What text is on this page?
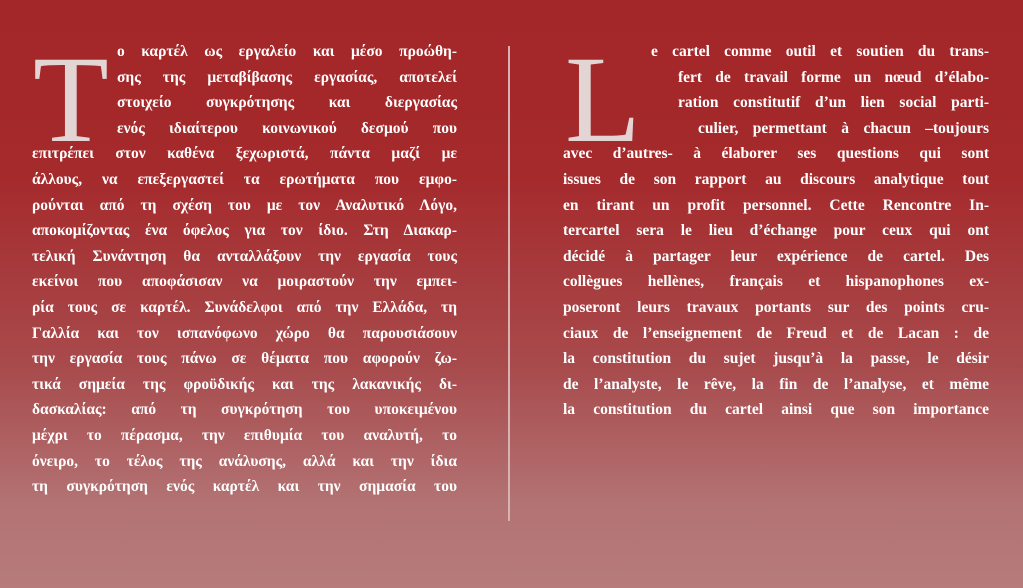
T ο καρτέλ ως εργαλείο και μέσο προώθη-
σης της μεταβίβασης εργασίας, αποτελεί
στοιχείο συγκρότησης και διεργασίας
ενός ιδιαίτερου κοινωνικού δεσμού που
επιτρέπει στον καθένα ξεχωριστά, πάντα μαζί με
άλλους, να επεξεργαστεί τα ερωτήματα που εμφο-
ρούνται από τη σχέση του με τον Αναλυτικό Λόγο,
αποκομίζοντας ένα όφελος για τον ίδιο. Στη Διακαρ-
τελική Συνάντηση θα ανταλλάξουν την εργασία τους
εκείνοι που αποφάσισαν να μοιραστούν την εμπει-
ρία τους σε καρτέλ. Συνάδελφοι από την Ελλάδα, τη
Γαλλία και τον ισπανόφωνο χώρο θα παρουσιάσουν
την εργασία τους πάνω σε θέματα που αφορούν ζω-
τικά σημεία της φροϋδικής και της λακανικής δι-
δασκαλίας: από τη συγκρότηση του υποκειμένου
μέχρι το πέρασμα, την επιθυμία του αναλυτή, το
όνειρο, το τέλος της ανάλυσης, αλλά και την ίδια
τη συγκρότηση ενός καρτέλ και την σημασία του
L e cartel comme outil et soutien du trans-
fert de travail forme un nœud d’élabo-
ration constitutif d’un lien social parti-
culier, permettant à chacun –toujours
avec d’autres- à élaborer ses questions qui sont
issues de son rapport au discours analytique tout
en tirant un profit personnel. Cette Rencontre In-
tercartel sera le lieu d’échange pour ceux qui ont
décidé à partager leur expérience de cartel. Des
collègues hellènes, français et hispanophones ex-
poseront leurs travaux portants sur des points cru-
ciaux de l’enseignement de Freud et de Lacan : de
la constitution du sujet jusqu’à la passe, le désir
de l’analyste, le rêve, la fin de l’analyse, et même
la constitution du cartel ainsi que son importance
